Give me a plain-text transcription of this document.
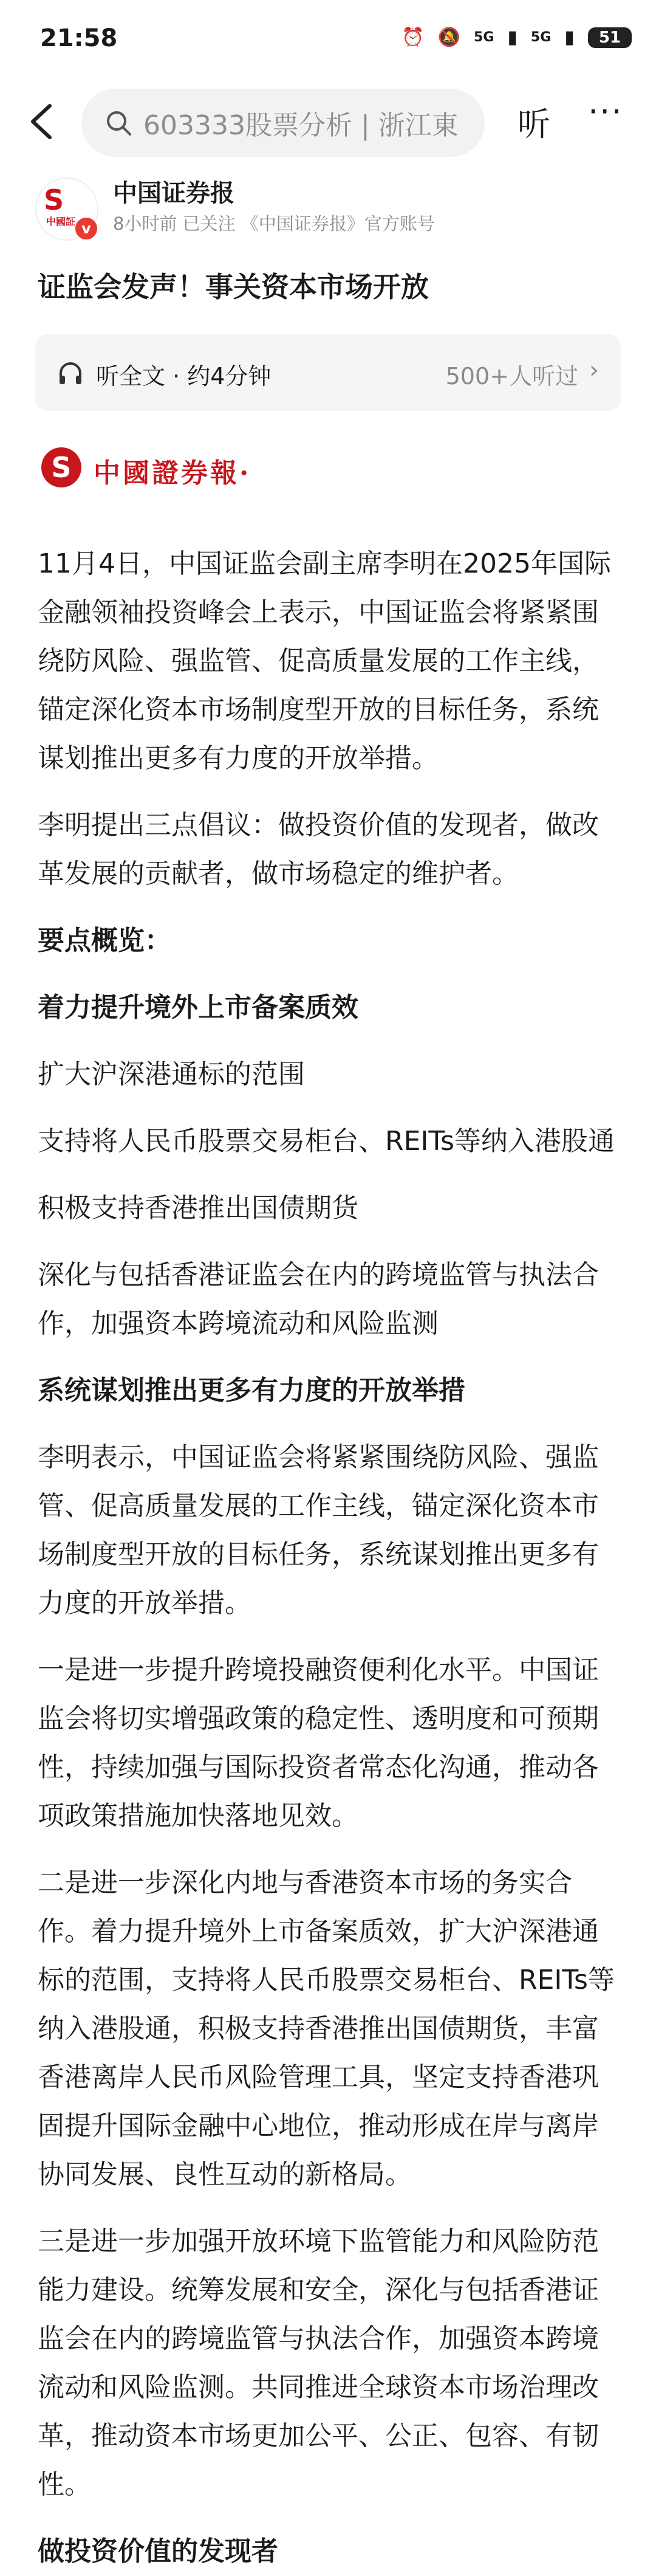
21:58	⏰ 🔕 5G ▮ 5G ▮	51
603333股票分析 | 浙江東 听 ···
S
中國証 v
中国证券报
8小时前 已关注 《中国证券报》官方账号
证监会发声！事关资本市场开放
听全文 · 约4分钟	500+人听过 ›
S 中國證券報·

11月4日，中国证监会副主席李明在2025年国际金融领袖投资峰会上表示，中国证监会将紧紧围绕防风险、强监管、促高质量发展的工作主线，锚定深化资本市场制度型开放的目标任务，系统谋划推出更多有力度的开放举措。

李明提出三点倡议：做投资价值的发现者，做改革发展的贡献者，做市场稳定的维护者。

要点概览：

着力提升境外上市备案质效

扩大沪深港通标的范围

支持将人民币股票交易柜台、REITs等纳入港股通

积极支持香港推出国债期货

深化与包括香港证监会在内的跨境监管与执法合作，加强资本跨境流动和风险监测

系统谋划推出更多有力度的开放举措

李明表示，中国证监会将紧紧围绕防风险、强监管、促高质量发展的工作主线，锚定深化资本市场制度型开放的目标任务，系统谋划推出更多有力度的开放举措。

一是进一步提升跨境投融资便利化水平。中国证监会将切实增强政策的稳定性、透明度和可预期性，持续加强与国际投资者常态化沟通，推动各项政策措施加快落地见效。

二是进一步深化内地与香港资本市场的务实合作。着力提升境外上市备案质效，扩大沪深港通标的范围，支持将人民币股票交易柜台、REITs等纳入港股通，积极支持香港推出国债期货，丰富香港离岸人民币风险管理工具，坚定支持香港巩固提升国际金融中心地位，推动形成在岸与离岸协同发展、良性互动的新格局。

三是进一步加强开放环境下监管能力和风险防范能力建设。统筹发展和安全，深化与包括香港证监会在内的跨境监管与执法合作，加强资本跨境流动和风险监测。共同推进全球资本市场治理改革，推动资本市场更加公平、公正、包容、有韧性。

做投资价值的发现者
